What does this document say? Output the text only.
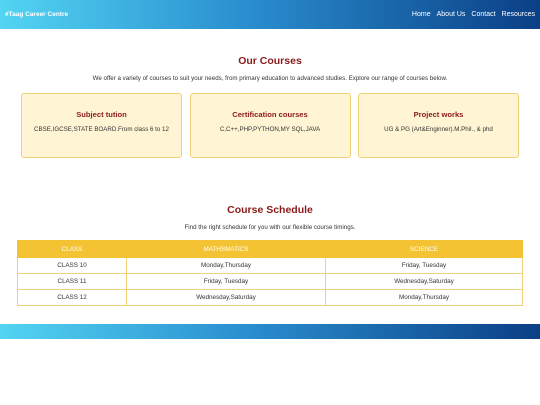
#Taag Career Centre	Home About Us Contact Resources
Our Courses

We offer a variety of courses to suit your needs, from primary education to advanced studies. Explore our range of courses below.

Subject tution
CBSE,IGCSE,STATE BOARD.From class 6 to 12
Certification courses
C,C++,PHP,PYTHON,MY SQL,JAVA
Project works
UG & PG (Art&Enginner).M.Phil., & phd
Course Schedule

Find the right schedule for you with our flexible course timings.

CLASS	MATHSMATICS	SCIENCE
CLASS 10	Monday,Thursday	Friday, Tuesday
CLASS 11	Friday, Tuesday	Wednesday,Saturday
CLASS 12	Wednesday,Saturday	Monday,Thursday
